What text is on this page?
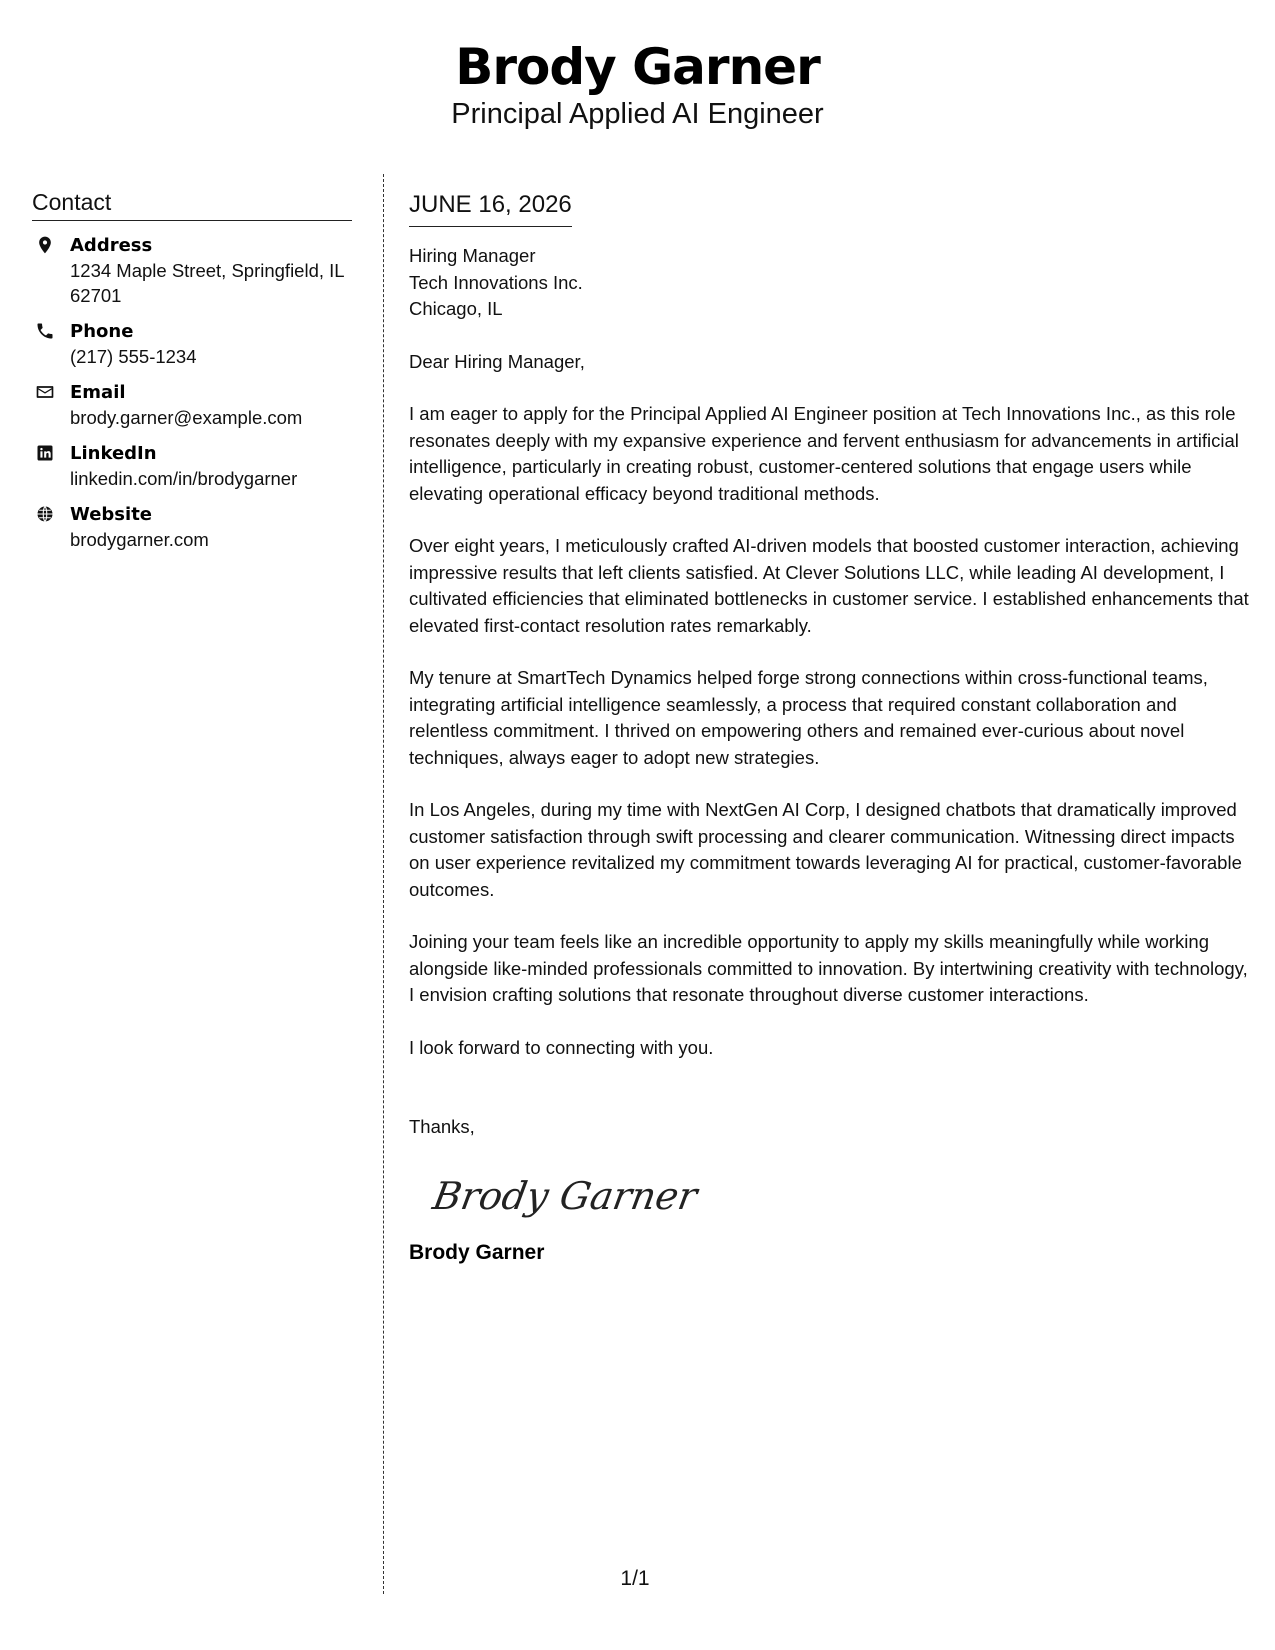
Brody Garner
Principal Applied AI Engineer
Contact
Address
1234 Maple Street, Springfield, IL 62701
Phone
(217) 555-1234
Email
brody.garner@example.com
LinkedIn
linkedin.com/in/brodygarner
Website
brodygarner.com
JUNE 16, 2026
Hiring Manager
Tech Innovations Inc.
Chicago, IL
Dear Hiring Manager,
I am eager to apply for the Principal Applied AI Engineer position at Tech Innovations Inc., as this role resonates deeply with my expansive experience and fervent enthusiasm for advancements in artificial intelligence, particularly in creating robust, customer-centered solutions that engage users while elevating operational efficacy beyond traditional methods.
Over eight years, I meticulously crafted AI-driven models that boosted customer interaction, achieving impressive results that left clients satisfied. At Clever Solutions LLC, while leading AI development, I cultivated efficiencies that eliminated bottlenecks in customer service. I established enhancements that elevated first-contact resolution rates remarkably.
My tenure at SmartTech Dynamics helped forge strong connections within cross-functional teams, integrating artificial intelligence seamlessly, a process that required constant collaboration and relentless commitment. I thrived on empowering others and remained ever-curious about novel techniques, always eager to adopt new strategies.
In Los Angeles, during my time with NextGen AI Corp, I designed chatbots that dramatically improved customer satisfaction through swift processing and clearer communication. Witnessing direct impacts on user experience revitalized my commitment towards leveraging AI for practical, customer-favorable outcomes.
Joining your team feels like an incredible opportunity to apply my skills meaningfully while working alongside like-minded professionals committed to innovation. By intertwining creativity with technology, I envision crafting solutions that resonate throughout diverse customer interactions.
I look forward to connecting with you.
Thanks,
Brody Garner
Brody Garner
1/1
